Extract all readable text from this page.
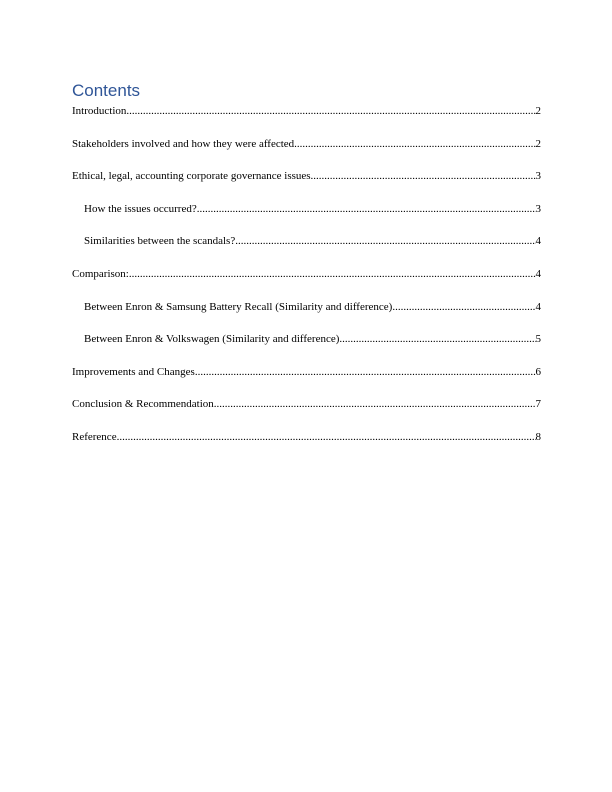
Contents
Introduction .....	2
Stakeholders involved and how they were affected .....	2
Ethical, legal, accounting corporate governance issues .....	3
How the issues occurred? .....	3
Similarities between the scandals? .....	4
Comparison: .....	4
Between Enron & Samsung Battery Recall (Similarity and difference) .....	4
Between Enron & Volkswagen (Similarity and difference) .....	5
Improvements and Changes .....	6
Conclusion & Recommendation .....	7
Reference .....	8
